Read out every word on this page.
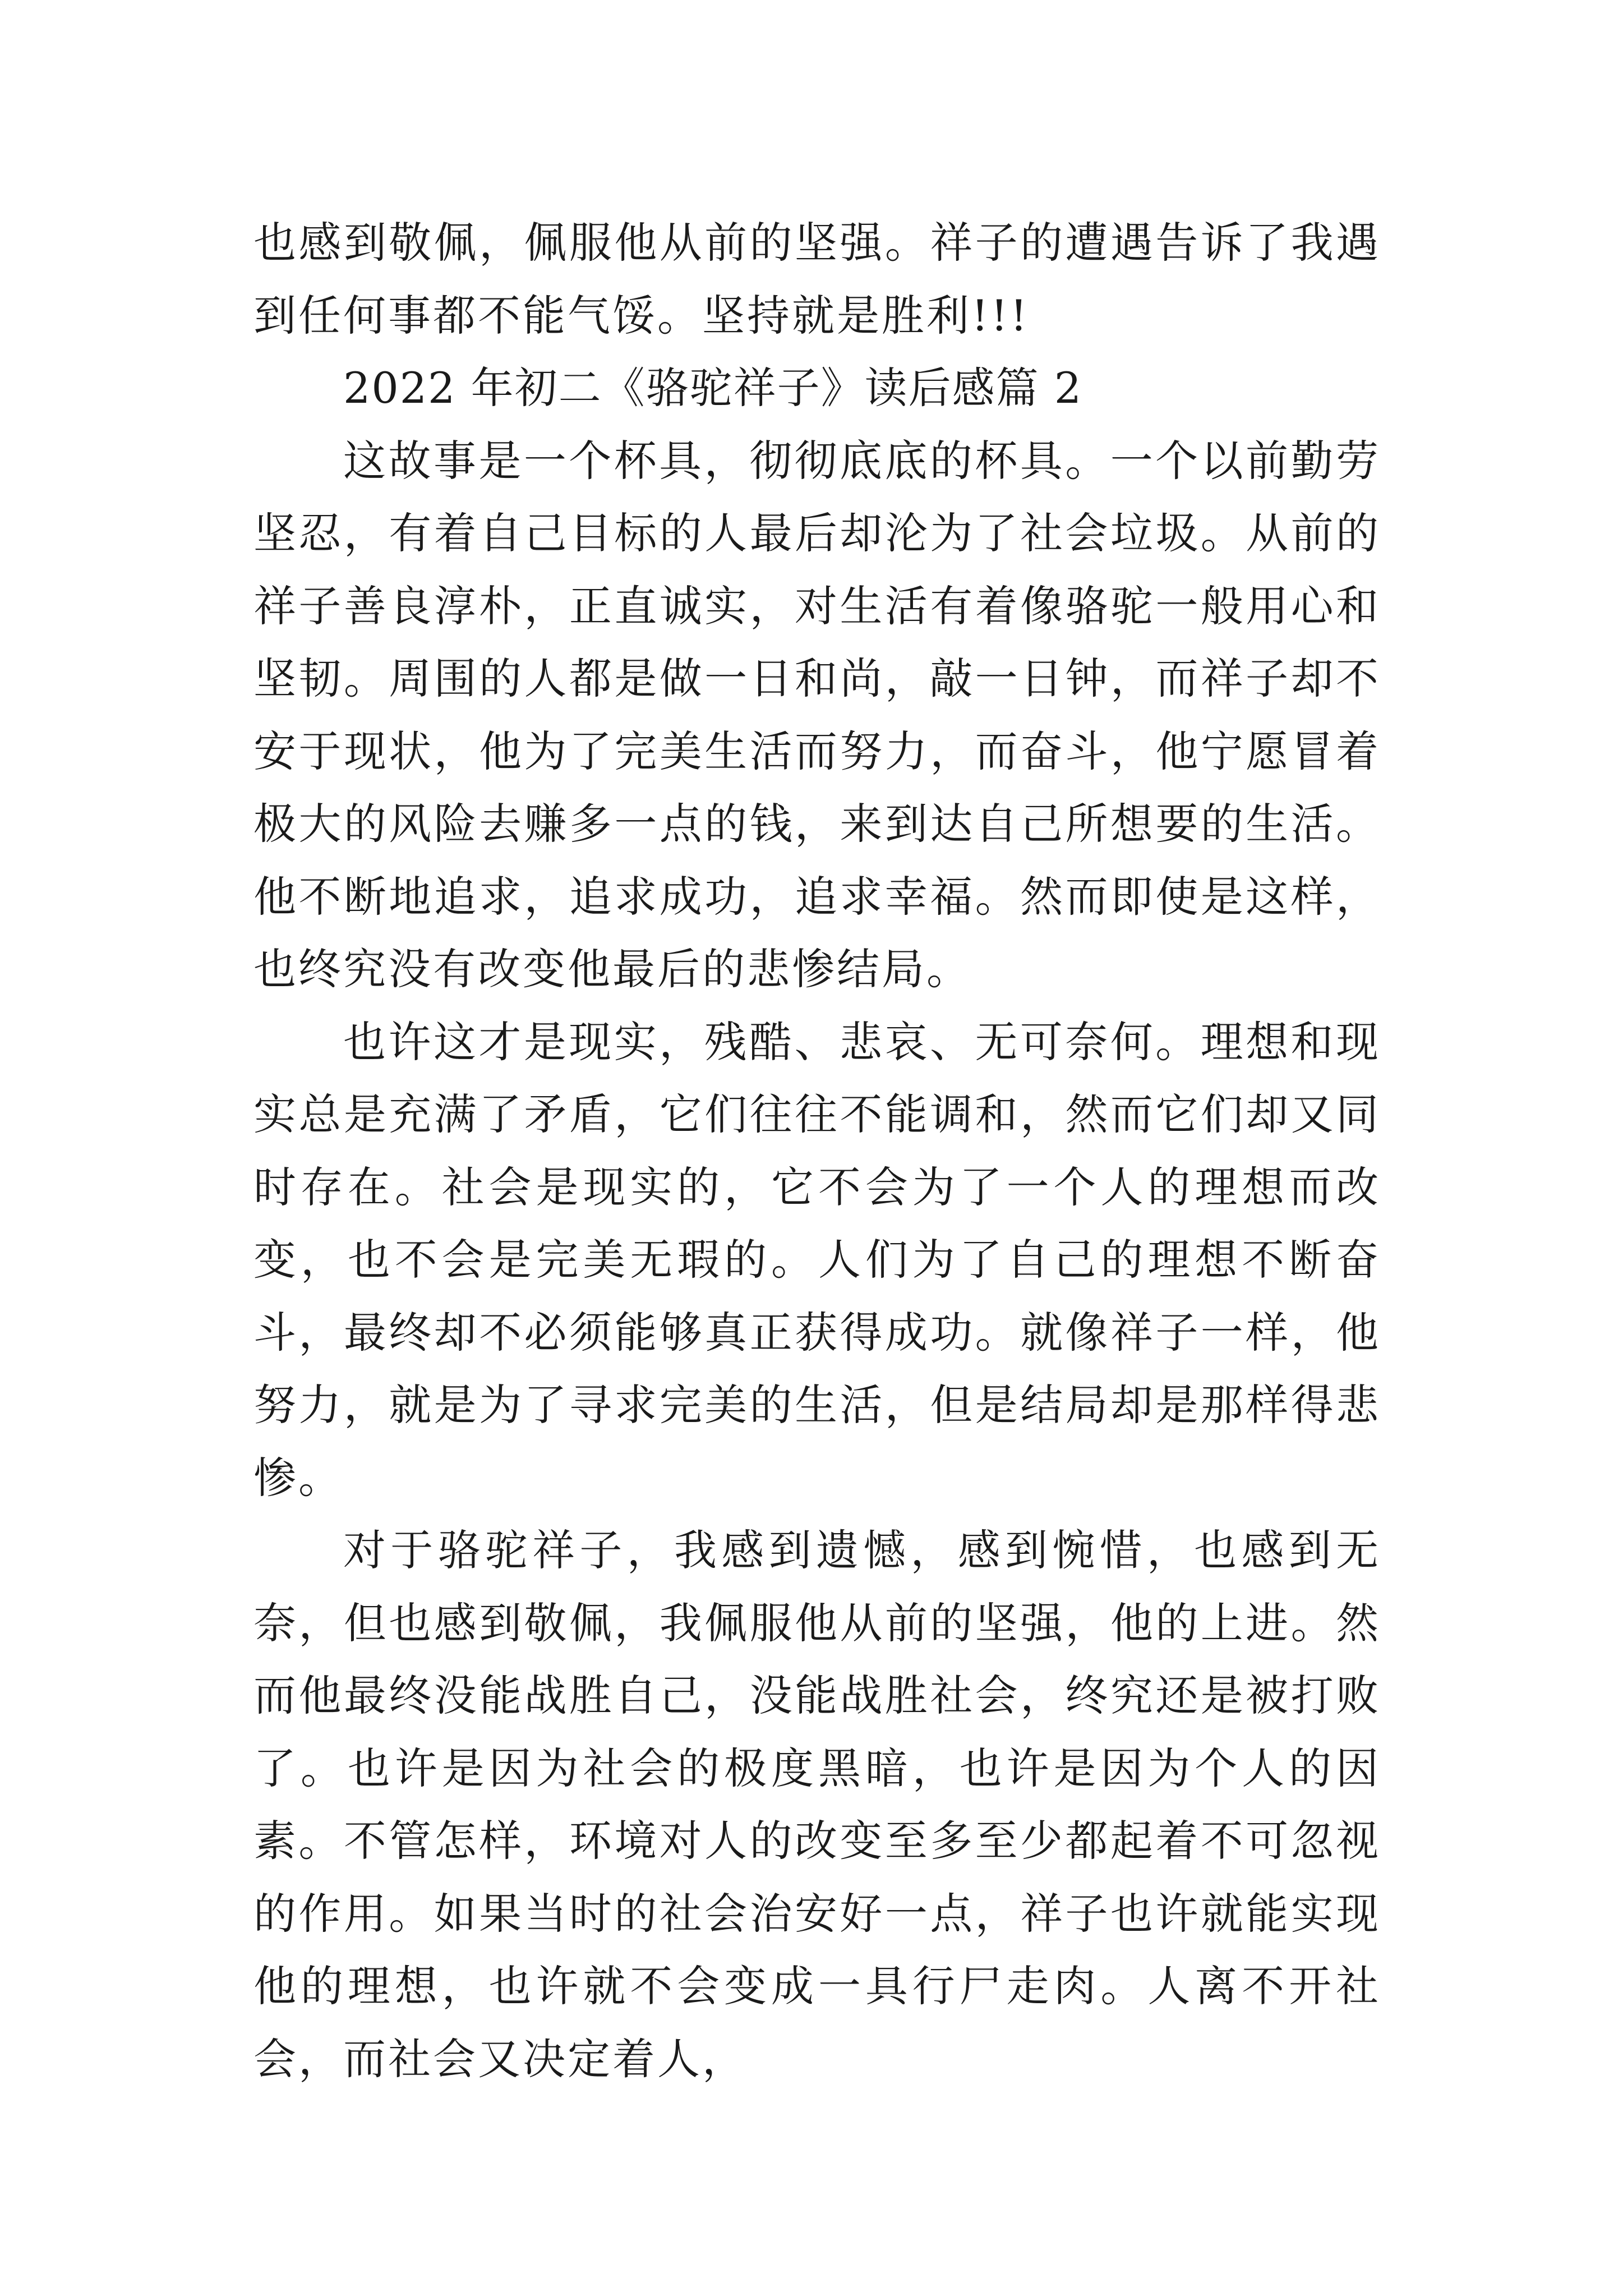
也感到敬佩，佩服他从前的坚强。祥子的遭遇告诉了我遇到任何事都不能气馁。坚持就是胜利!!!

2022 年初二《骆驼祥子》读后感篇 2

这故事是一个杯具，彻彻底底的杯具。一个以前勤劳坚忍，有着自己目标的人最后却沦为了社会垃圾。从前的祥子善良淳朴，正直诚实，对生活有着像骆驼一般用心和坚韧。周围的人都是做一日和尚，敲一日钟，而祥子却不安于现状，他为了完美生活而努力，而奋斗，他宁愿冒着极大的风险去赚多一点的钱，来到达自己所想要的生活。他不断地追求，追求成功，追求幸福。然而即使是这样，也终究没有改变他最后的悲惨结局。

也许这才是现实，残酷、悲哀、无可奈何。理想和现实总是充满了矛盾，它们往往不能调和，然而它们却又同时存在。社会是现实的，它不会为了一个人的理想而改变，也不会是完美无瑕的。人们为了自己的理想不断奋斗，最终却不必须能够真正获得成功。就像祥子一样，他努力，就是为了寻求完美的生活，但是结局却是那样得悲惨。

对于骆驼祥子，我感到遗憾，感到惋惜，也感到无奈，但也感到敬佩，我佩服他从前的坚强，他的上进。然而他最终没能战胜自己，没能战胜社会，终究还是被打败了。也许是因为社会的极度黑暗，也许是因为个人的因素。不管怎样，环境对人的改变至多至少都起着不可忽视的作用。如果当时的社会治安好一点，祥子也许就能实现他的理想，也许就不会变成一具行尸走肉。人离不开社会，而社会又决定着人，
